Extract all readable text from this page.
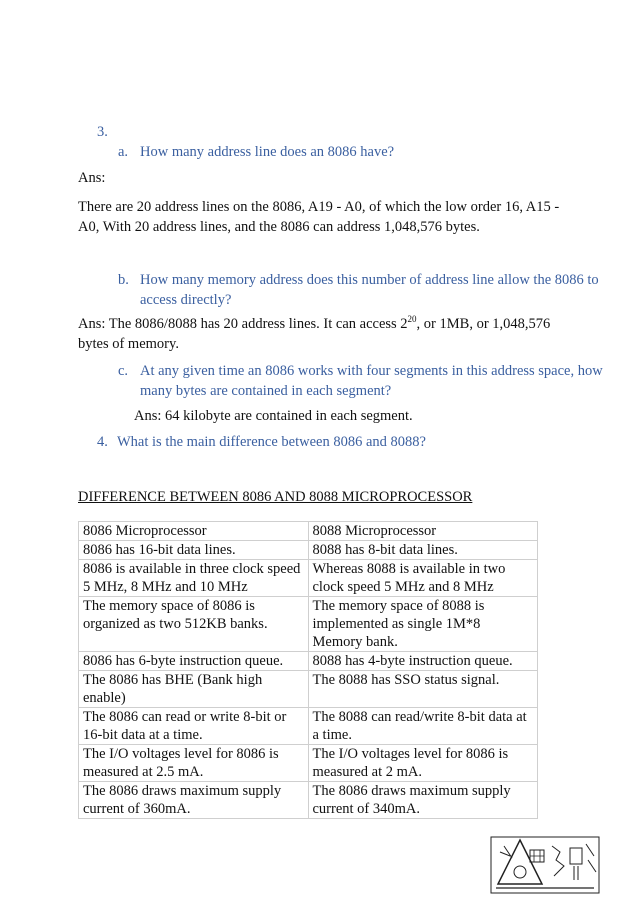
3.

a. How many address line does an 8086 have?

Ans:

There are 20 address lines on the 8086, A19 - A0, of which the low order 16, A15 - A0, With 20 address lines, and the 8086 can address 1,048,576 bytes.

b. How many memory address does this number of address line allow the 8086 to access directly?

Ans: The 8086/8088 has 20 address lines. It can access $2^{20}$, or 1MB, or 1,048,576 bytes of memory.

c. At any given time an 8086 works with four segments in this address space, how many bytes are contained in each segment?

Ans: 64 kilobyte are contained in each segment.

4. What is the main difference between 8086 and 8088?

DIFFERENCE BETWEEN 8086 AND 8088 MICROPROCESSOR

8086 Microprocessor	8088 Microprocessor
8086 has 16-bit data lines.	8088 has 8-bit data lines.
8086 is available in three clock speed 5 MHz, 8 MHz and 10 MHz	Whereas 8088 is available in two clock speed 5 MHz and 8 MHz
The memory space of 8086 is organized as two 512KB banks.	The memory space of 8088 is implemented as single 1M*8 Memory bank.
8086 has 6-byte instruction queue.	8088 has 4-byte instruction queue.
The 8086 has BHE (Bank high enable)	The 8088 has SSO status signal.
The 8086 can read or write 8-bit or 16-bit data at a time.	The 8088 can read/write 8-bit data at a time.
The I/O voltages level for 8086 is measured at 2.5 mA.	The I/O voltages level for 8086 is measured at 2 mA.
The 8086 draws maximum supply current of 360mA.	The 8086 draws maximum supply current of 340mA.
